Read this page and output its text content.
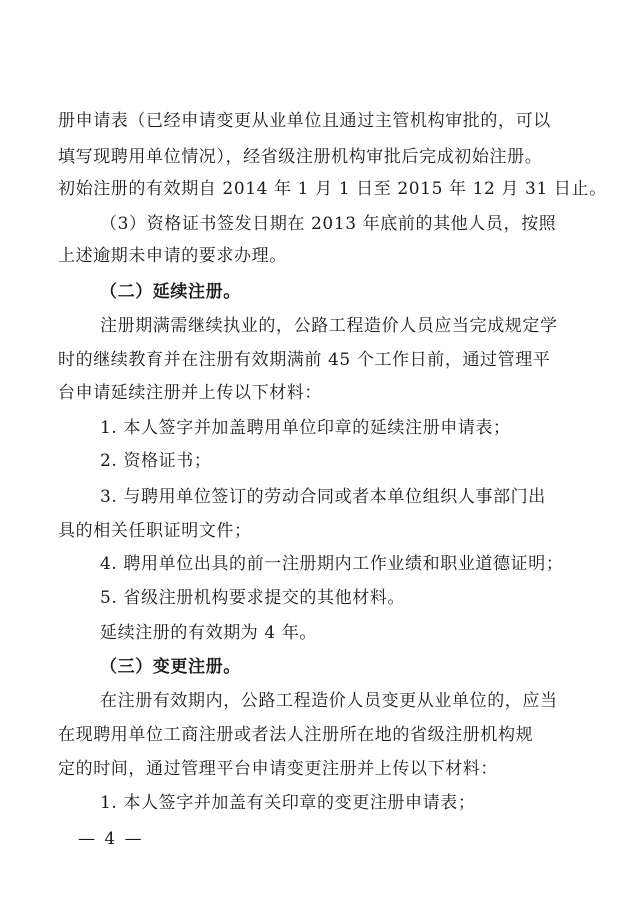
册申请表（已经申请变更从业单位且通过主管机构审批的，可以
填写现聘用单位情况），经省级注册机构审批后完成初始注册。
初始注册的有效期自 2014 年 1 月 1 日至 2015 年 12 月 31 日止。
（3）资格证书签发日期在 2013 年底前的其他人员，按照
上述逾期未申请的要求办理。
（二）延续注册。
注册期满需继续执业的，公路工程造价人员应当完成规定学
时的继续教育并在注册有效期满前 45 个工作日前，通过管理平
台申请延续注册并上传以下材料：
1. 本人签字并加盖聘用单位印章的延续注册申请表；
2. 资格证书；
3. 与聘用单位签订的劳动合同或者本单位组织人事部门出
具的相关任职证明文件；
4. 聘用单位出具的前一注册期内工作业绩和职业道德证明；
5. 省级注册机构要求提交的其他材料。
延续注册的有效期为 4 年。
（三）变更注册。
在注册有效期内，公路工程造价人员变更从业单位的，应当
在现聘用单位工商注册或者法人注册所在地的省级注册机构规
定的时间，通过管理平台申请变更注册并上传以下材料：
1. 本人签字并加盖有关印章的变更注册申请表；
— 4 —
